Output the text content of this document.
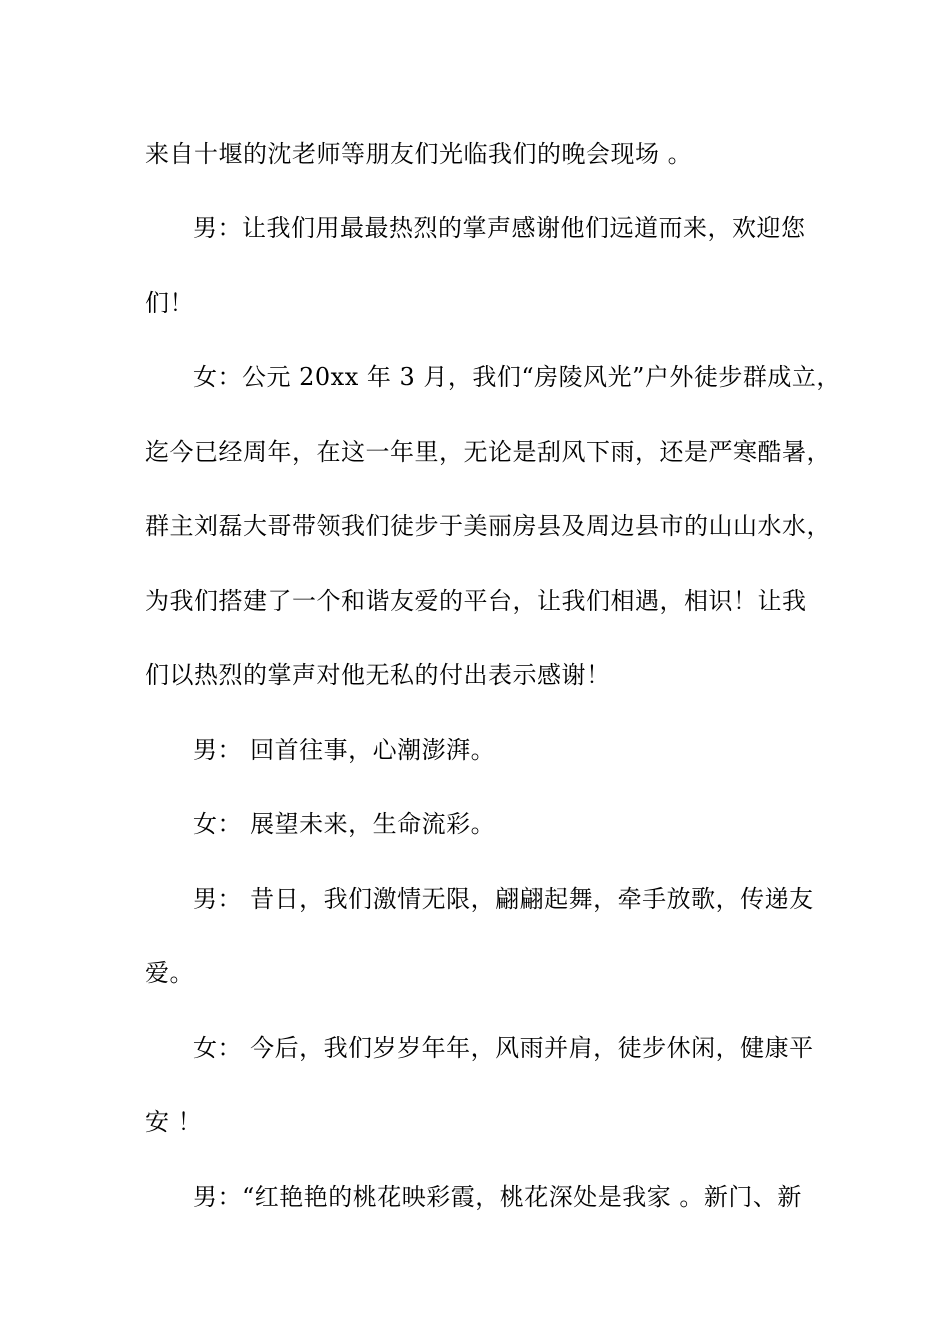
来自十堰的沈老师等朋友们光临我们的晚会现场 。
男：让我们用最最热烈的掌声感谢他们远道而来，欢迎您
们！
女：公元 20xx 年 3 月，我们“房陵风光”户外徒步群成立，
迄今已经周年，在这一年里，无论是刮风下雨，还是严寒酷暑，
群主刘磊大哥带领我们徒步于美丽房县及周边县市的山山水水，
为我们搭建了一个和谐友爱的平台，让我们相遇，相识！让我
们以热烈的掌声对他无私的付出表示感谢！
男： 回首往事，心潮澎湃。
女： 展望未来，生命流彩。
男： 昔日，我们激情无限，翩翩起舞，牵手放歌，传递友
爱。
女： 今后，我们岁岁年年，风雨并肩，徒步休闲，健康平
安 ！
男：“红艳艳的桃花映彩霞，桃花深处是我家 。新门、新
